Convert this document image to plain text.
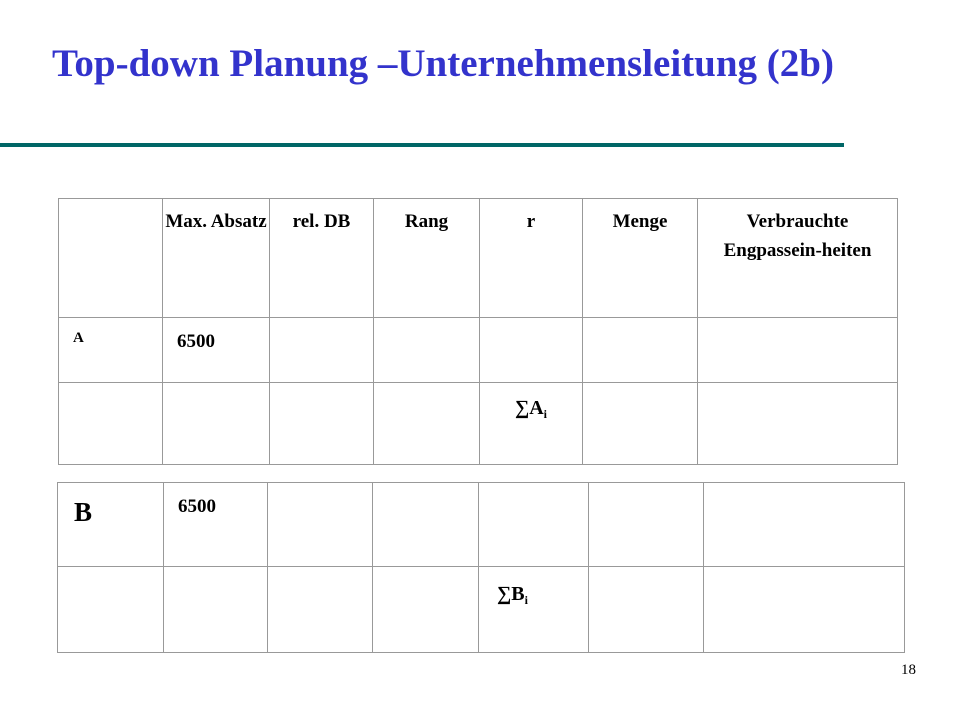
Top-down Planung –Unternehmensleitung (2b)
	Max. Absatz	rel. DB	Rang	r	Menge	Verbrauchte Engpassein-heiten

A	6500					

				$\sum A_i$

B	6500					

				$\sum B_i$

18
